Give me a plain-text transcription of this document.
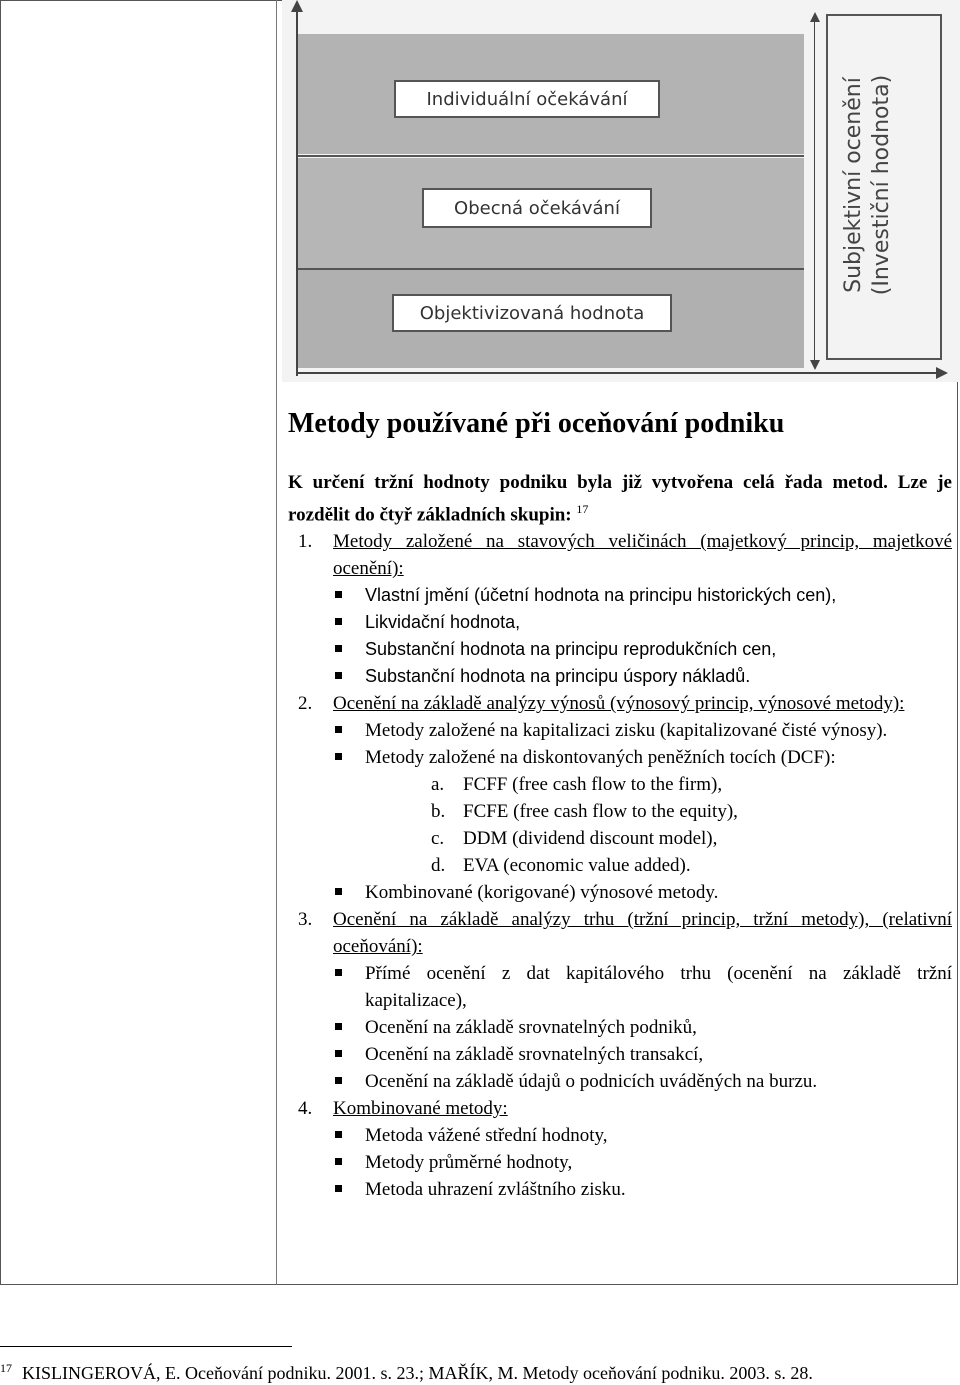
Individuální očekávání
Obecná očekávání
Objektivizovaná hodnota
Subjektivní ocenění (Investiční hodnota)
Metody používané při oceňování podniku
K určení tržní hodnoty podniku byla již vytvořena celá řada metod. Lze je rozdělit do čtyř základních skupin: $^{17}$
1. Metody založené na stavových veličinách (majetkový princip, majetkové ocenění):
Vlastní jmění (účetní hodnota na principu historických cen),
Likvidační hodnota,
Substanční hodnota na principu reprodukčních cen,
Substanční hodnota na principu úspory nákladů.
2. Ocenění na základě analýzy výnosů (výnosový princip, výnosové metody):
Metody založené na kapitalizaci zisku (kapitalizované čisté výnosy).
Metody založené na diskontovaných peněžních tocích (DCF):
a. FCFF (free cash flow to the firm),
b. FCFE (free cash flow to the equity),
c. DDM (dividend discount model),
d. EVA (economic value added).
Kombinované (korigované) výnosové metody.
3. Ocenění na základě analýzy trhu (tržní princip, tržní metody), (relativní oceňování):
Přímé ocenění z dat kapitálového trhu (ocenění na základě tržní kapitalizace),
Ocenění na základě srovnatelných podniků,
Ocenění na základě srovnatelných transakcí,
Ocenění na základě údajů o podnicích uváděných na burzu.
4. Kombinované metody:
Metoda vážené střední hodnoty,
Metody průměrné hodnoty,
Metoda uhrazení zvláštního zisku.
$^{17}$ KISLINGEROVÁ, E. Oceňování podniku. 2001. s. 23.; MAŘÍK, M. Metody oceňování podniku. 2003. s. 28.
